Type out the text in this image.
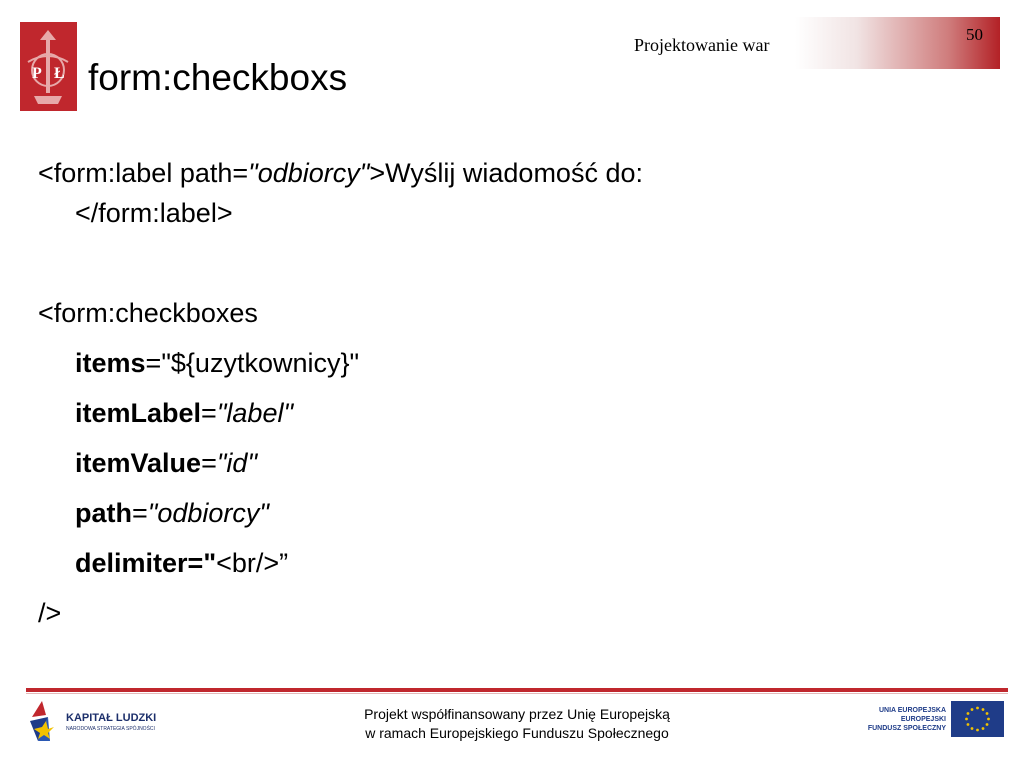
P Ł form:checkboxs
Projektowanie war
50
<form:label path="odbiorcy">Wyślij wiadomość do:
</form:label>
<form:checkboxes
items="${uzytkownicy}"
itemLabel="label"
itemValue="id"
path="odbiorcy"
delimiter="<br/>”
/>
KAPITAŁ LUDZKI
NARODOWA STRATEGIA SPÓJNOŚCI
Projekt współfinansowany przez Unię Europejską
w ramach Europejskiego Funduszu Społecznego
UNIA EUROPEJSKA
EUROPEJSKI
FUNDUSZ SPOŁECZNY
